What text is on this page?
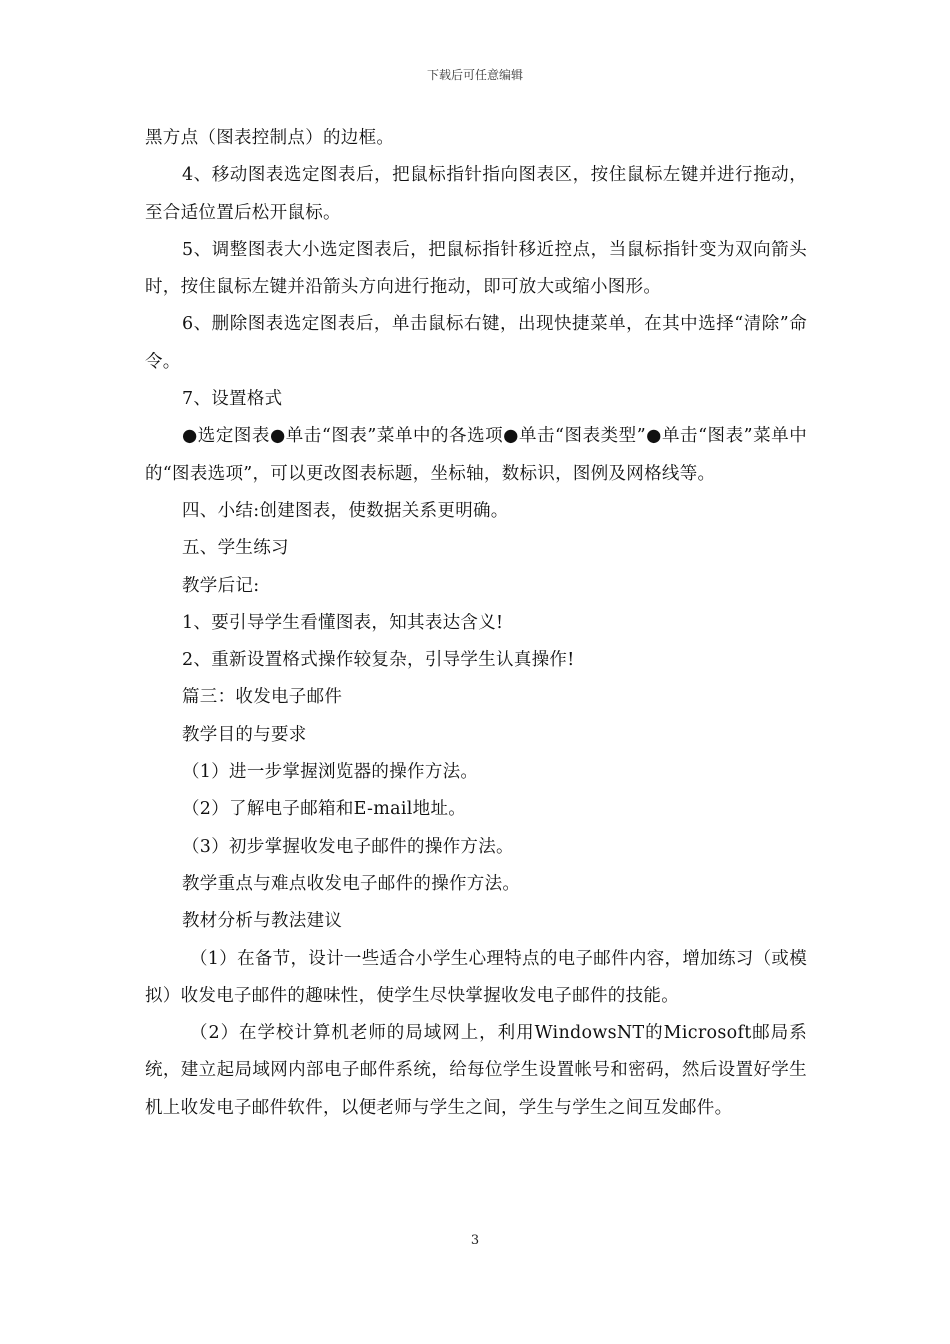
下载后可任意编辑

黑方点（图表控制点）的边框。

4、移动图表选定图表后，把鼠标指针指向图表区，按住鼠标左键并进行拖动，至合适位置后松开鼠标。

5、调整图表大小选定图表后，把鼠标指针移近控点，当鼠标指针变为双向箭头时，按住鼠标左键并沿箭头方向进行拖动，即可放大或缩小图形。

6、删除图表选定图表后，单击鼠标右键，出现快捷菜单，在其中选择“清除”命令。

7、设置格式

●选定图表●单击“图表”菜单中的各选项●单击“图表类型”●单击“图表”菜单中的“图表选项”，可以更改图表标题，坐标轴，数标识，图例及网格线等。

四、小结:创建图表，使数据关系更明确。

五、学生练习

教学后记:

1、要引导学生看懂图表，知其表达含义!

2、重新设置格式操作较复杂，引导学生认真操作!

篇三：收发电子邮件

教学目的与要求

（1）进一步掌握浏览器的操作方法。

（2）了解电子邮箱和E-mail地址。

（3）初步掌握收发电子邮件的操作方法。

教学重点与难点收发电子邮件的操作方法。

教材分析与教法建议

（1）在备节，设计一些适合小学生心理特点的电子邮件内容，增加练习（或模拟）收发电子邮件的趣味性，使学生尽快掌握收发电子邮件的技能。

（2）在学校计算机老师的局域网上，利用WindowsNT的Microsoft邮局系统，建立起局域网内部电子邮件系统，给每位学生设置帐号和密码，然后设置好学生机上收发电子邮件软件，以便老师与学生之间，学生与学生之间互发邮件。

3
